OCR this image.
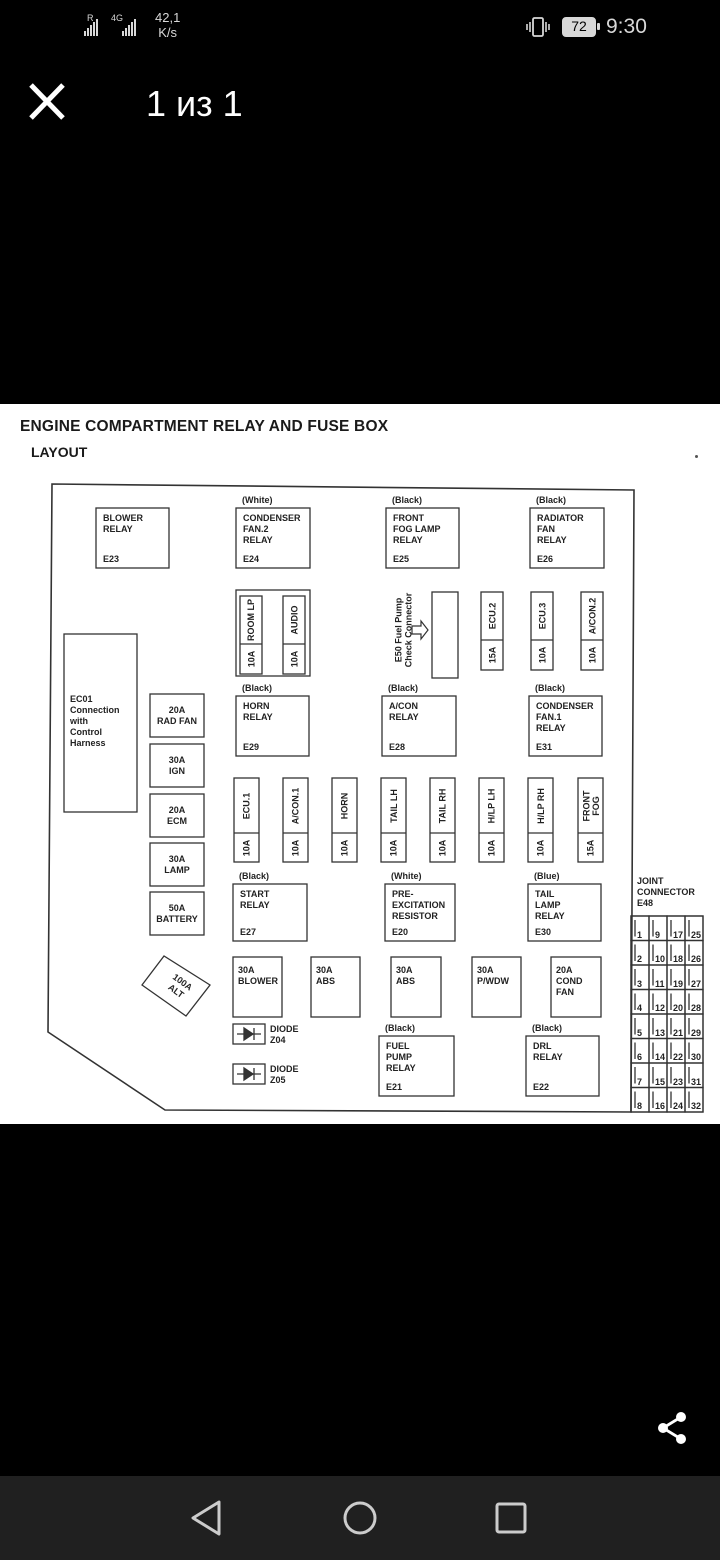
R 4G 42,1
K/s	72 9:30
1 из 1
ENGINE COMPARTMENT RELAY AND FUSE BOX
LAYOUT
BLOWER
RELAY
E23
(White)
CONDENSER
FAN.2
RELAY
E24
(Black)
FRONT
FOG LAMP
RELAY
E25
(Black)
RADIATOR
FAN
RELAY
E26
(Black)
HORN
RELAY
E29
(Black)
A/CON
RELAY
E28
(Black)
CONDENSER
FAN.1
RELAY
E31
(Black)
START
RELAY
E27
(White)
PRE-
EXCITATION
RESISTOR
E20
(Blue)
TAIL
LAMP
RELAY
E30
(Black)
FUEL
PUMP
RELAY
E21
(Black)
DRL
RELAY
E22
ROOM LP
10A
AUDIO
10A
ECU.2
15A
ECU.3
10A
A/CON.2
10A
E50 Fuel Pump Check Connector
ECU.1
10A
A/CON.1
10A
HORN
10A
TAIL LH
10A
TAIL RH
10A
H/LP LH
10A
H/LP RH
10A
FRONT
FOG
15A
EC01
Connection
with
Control
Harness
20A
RAD FAN
30A
IGN
20A
ECM
30A
LAMP
50A
BATTERY
100A
ALT
30A
BLOWER
30A
ABS
30A
ABS
30A
P/WDW
20A
COND
FAN
DIODE
Z04
DIODE
Z05
JOINT
CONNECTOR
E48
1 9 17 25
2 10 18 26
3 11 19 27
4 12 20 28
5 13 21 29
6 14 22 30
7 15 23 31
8 16 24 32
